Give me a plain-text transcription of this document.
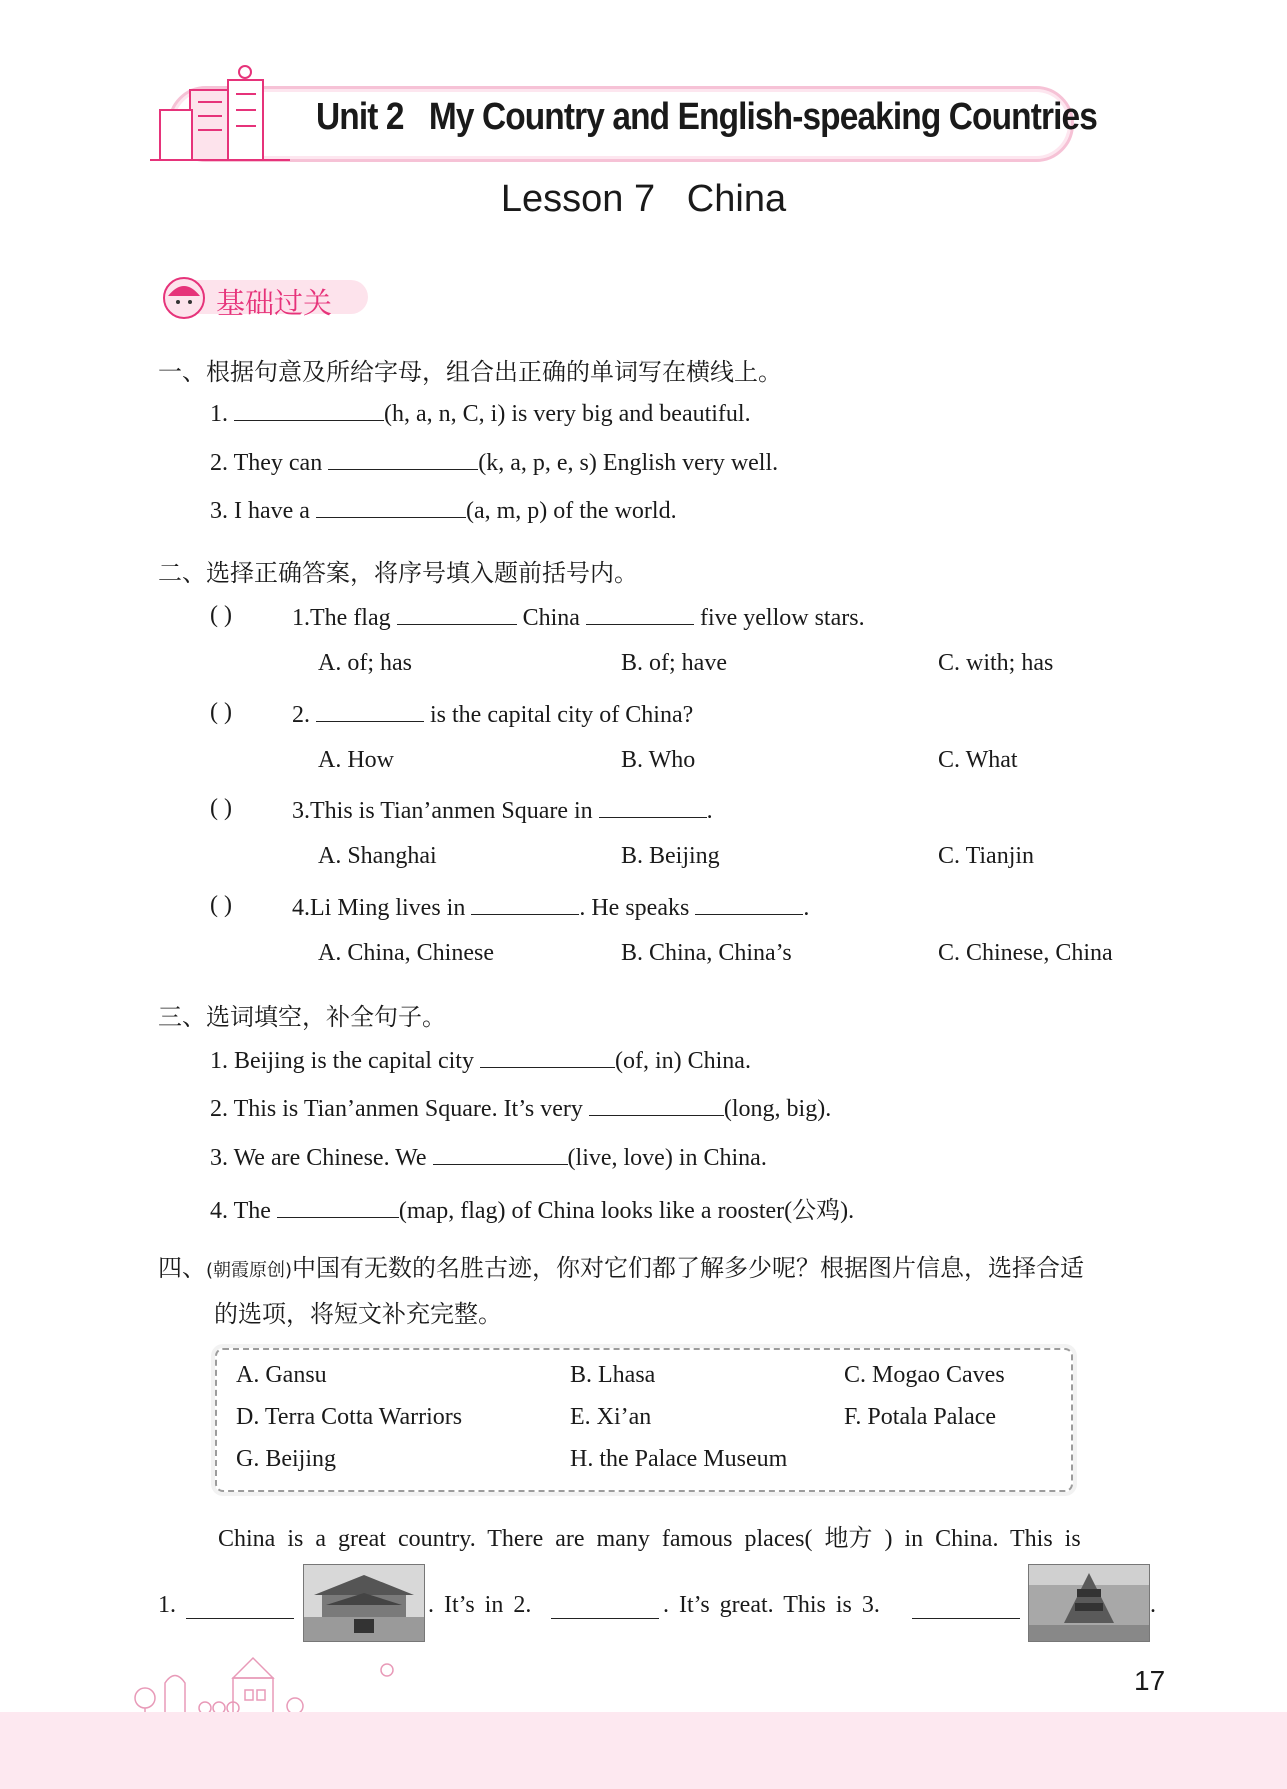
Unit 2   My Country and English-speaking Countries
Lesson 7   China
基础过关
一、根据句意及所给字母，组合出正确的单词写在横线上。
1.	(h, a, n, C, i) is very big and beautiful.
2. They can	(k, a, p, e, s) English very well.
3. I have a	(a, m, p) of the world.
二、选择正确答案，将序号填入题前括号内。
( )	1.The flag	China	five yellow stars.
A. of; has	B. of; have	C. with; has
( )	2.	is the capital city of China?
A. How	B. Who	C. What
( )	3.This is Tian’anmen Square in	.
A. Shanghai	B. Beijing	C. Tianjin
( )	4.Li Ming lives in	. He speaks	.
A. China, Chinese	B. China, China’s	C. Chinese, China
三、选词填空，补全句子。
1. Beijing is the capital city	(of, in) China.
2. This is Tian’anmen Square. It’s very	(long, big).
3. We are Chinese. We	(live, love) in China.
4. The	(map, flag) of China looks like a rooster(公鸡).
四、(朝霞原创)中国有无数的名胜古迹，你对它们都了解多少呢？根据图片信息，选择合适
的选项，将短文补充完整。
A. Gansu	B. Lhasa	C. Mogao Caves
D. Terra Cotta Warriors	E. Xi’an	F. Potala Palace
G. Beijing	H. the Palace Museum
China is a great country. There are many famous places( 地方 ) in China. This is
1.	. It’s in 2.	. It’s great. This is 3.	.
17
